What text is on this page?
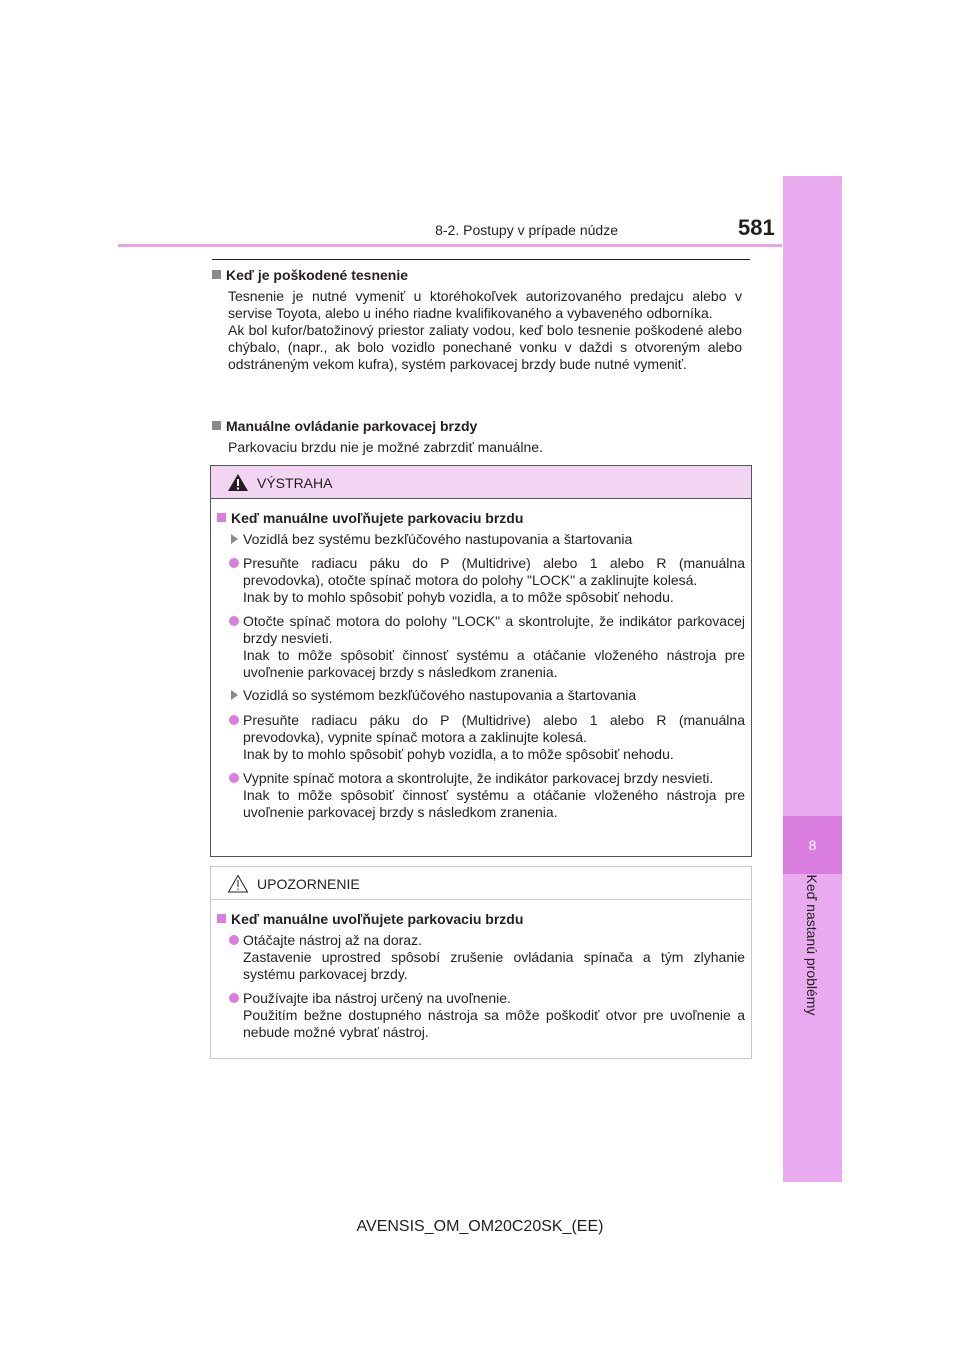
8-2. Postupy v prípade núdze	581
8
Keď nastanú problémy
Keď je poškodené tesnenie

Tesnenie je nutné vymeniť u ktoréhokoľvek autorizovaného predajcu alebo v servise Toyota, alebo u iného riadne kvalifikovaného a vybaveného odborníka.

Ak bol kufor/batožinový priestor zaliaty vodou, keď bolo tesnenie poškodené alebo chýbalo, (napr., ak bolo vozidlo ponechané vonku v daždi s otvoreným alebo odstráneným vekom kufra), systém parkovacej brzdy bude nutné vymeniť.

Manuálne ovládanie parkovacej brzdy

Parkovaciu brzdu nie je možné zabrzdiť manuálne.

VÝSTRAHA
Keď manuálne uvoľňujete parkovaciu brzdu
Vozidlá bez systému bezkľúčového nastupovania a štartovania
Presuňte radiacu páku do P (Multidrive) alebo 1 alebo R (manuálna prevodovka), otočte spínač motora do polohy "LOCK" a zaklinujte kolesá.
Inak by to mohlo spôsobiť pohyb vozidla, a to môže spôsobiť nehodu.
Otočte spínač motora do polohy "LOCK" a skontrolujte, že indikátor parkovacej brzdy nesvieti.
Inak to môže spôsobiť činnosť systému a otáčanie vloženého nástroja pre uvoľnenie parkovacej brzdy s následkom zranenia.
Vozidlá so systémom bezkľúčového nastupovania a štartovania
Presuňte radiacu páku do P (Multidrive) alebo 1 alebo R (manuálna prevodovka), vypnite spínač motora a zaklinujte kolesá.
Inak by to mohlo spôsobiť pohyb vozidla, a to môže spôsobiť nehodu.
Vypnite spínač motora a skontrolujte, že indikátor parkovacej brzdy nesvieti.
Inak to môže spôsobiť činnosť systému a otáčanie vloženého nástroja pre uvoľnenie parkovacej brzdy s následkom zranenia.
UPOZORNENIE
Keď manuálne uvoľňujete parkovaciu brzdu
Otáčajte nástroj až na doraz.
Zastavenie uprostred spôsobí zrušenie ovládania spínača a tým zlyhanie systému parkovacej brzdy.
Používajte iba nástroj určený na uvoľnenie.
Použitím bežne dostupného nástroja sa môže poškodiť otvor pre uvoľnenie a nebude možné vybrať nástroj.
AVENSIS_OM_OM20C20SK_(EE)
